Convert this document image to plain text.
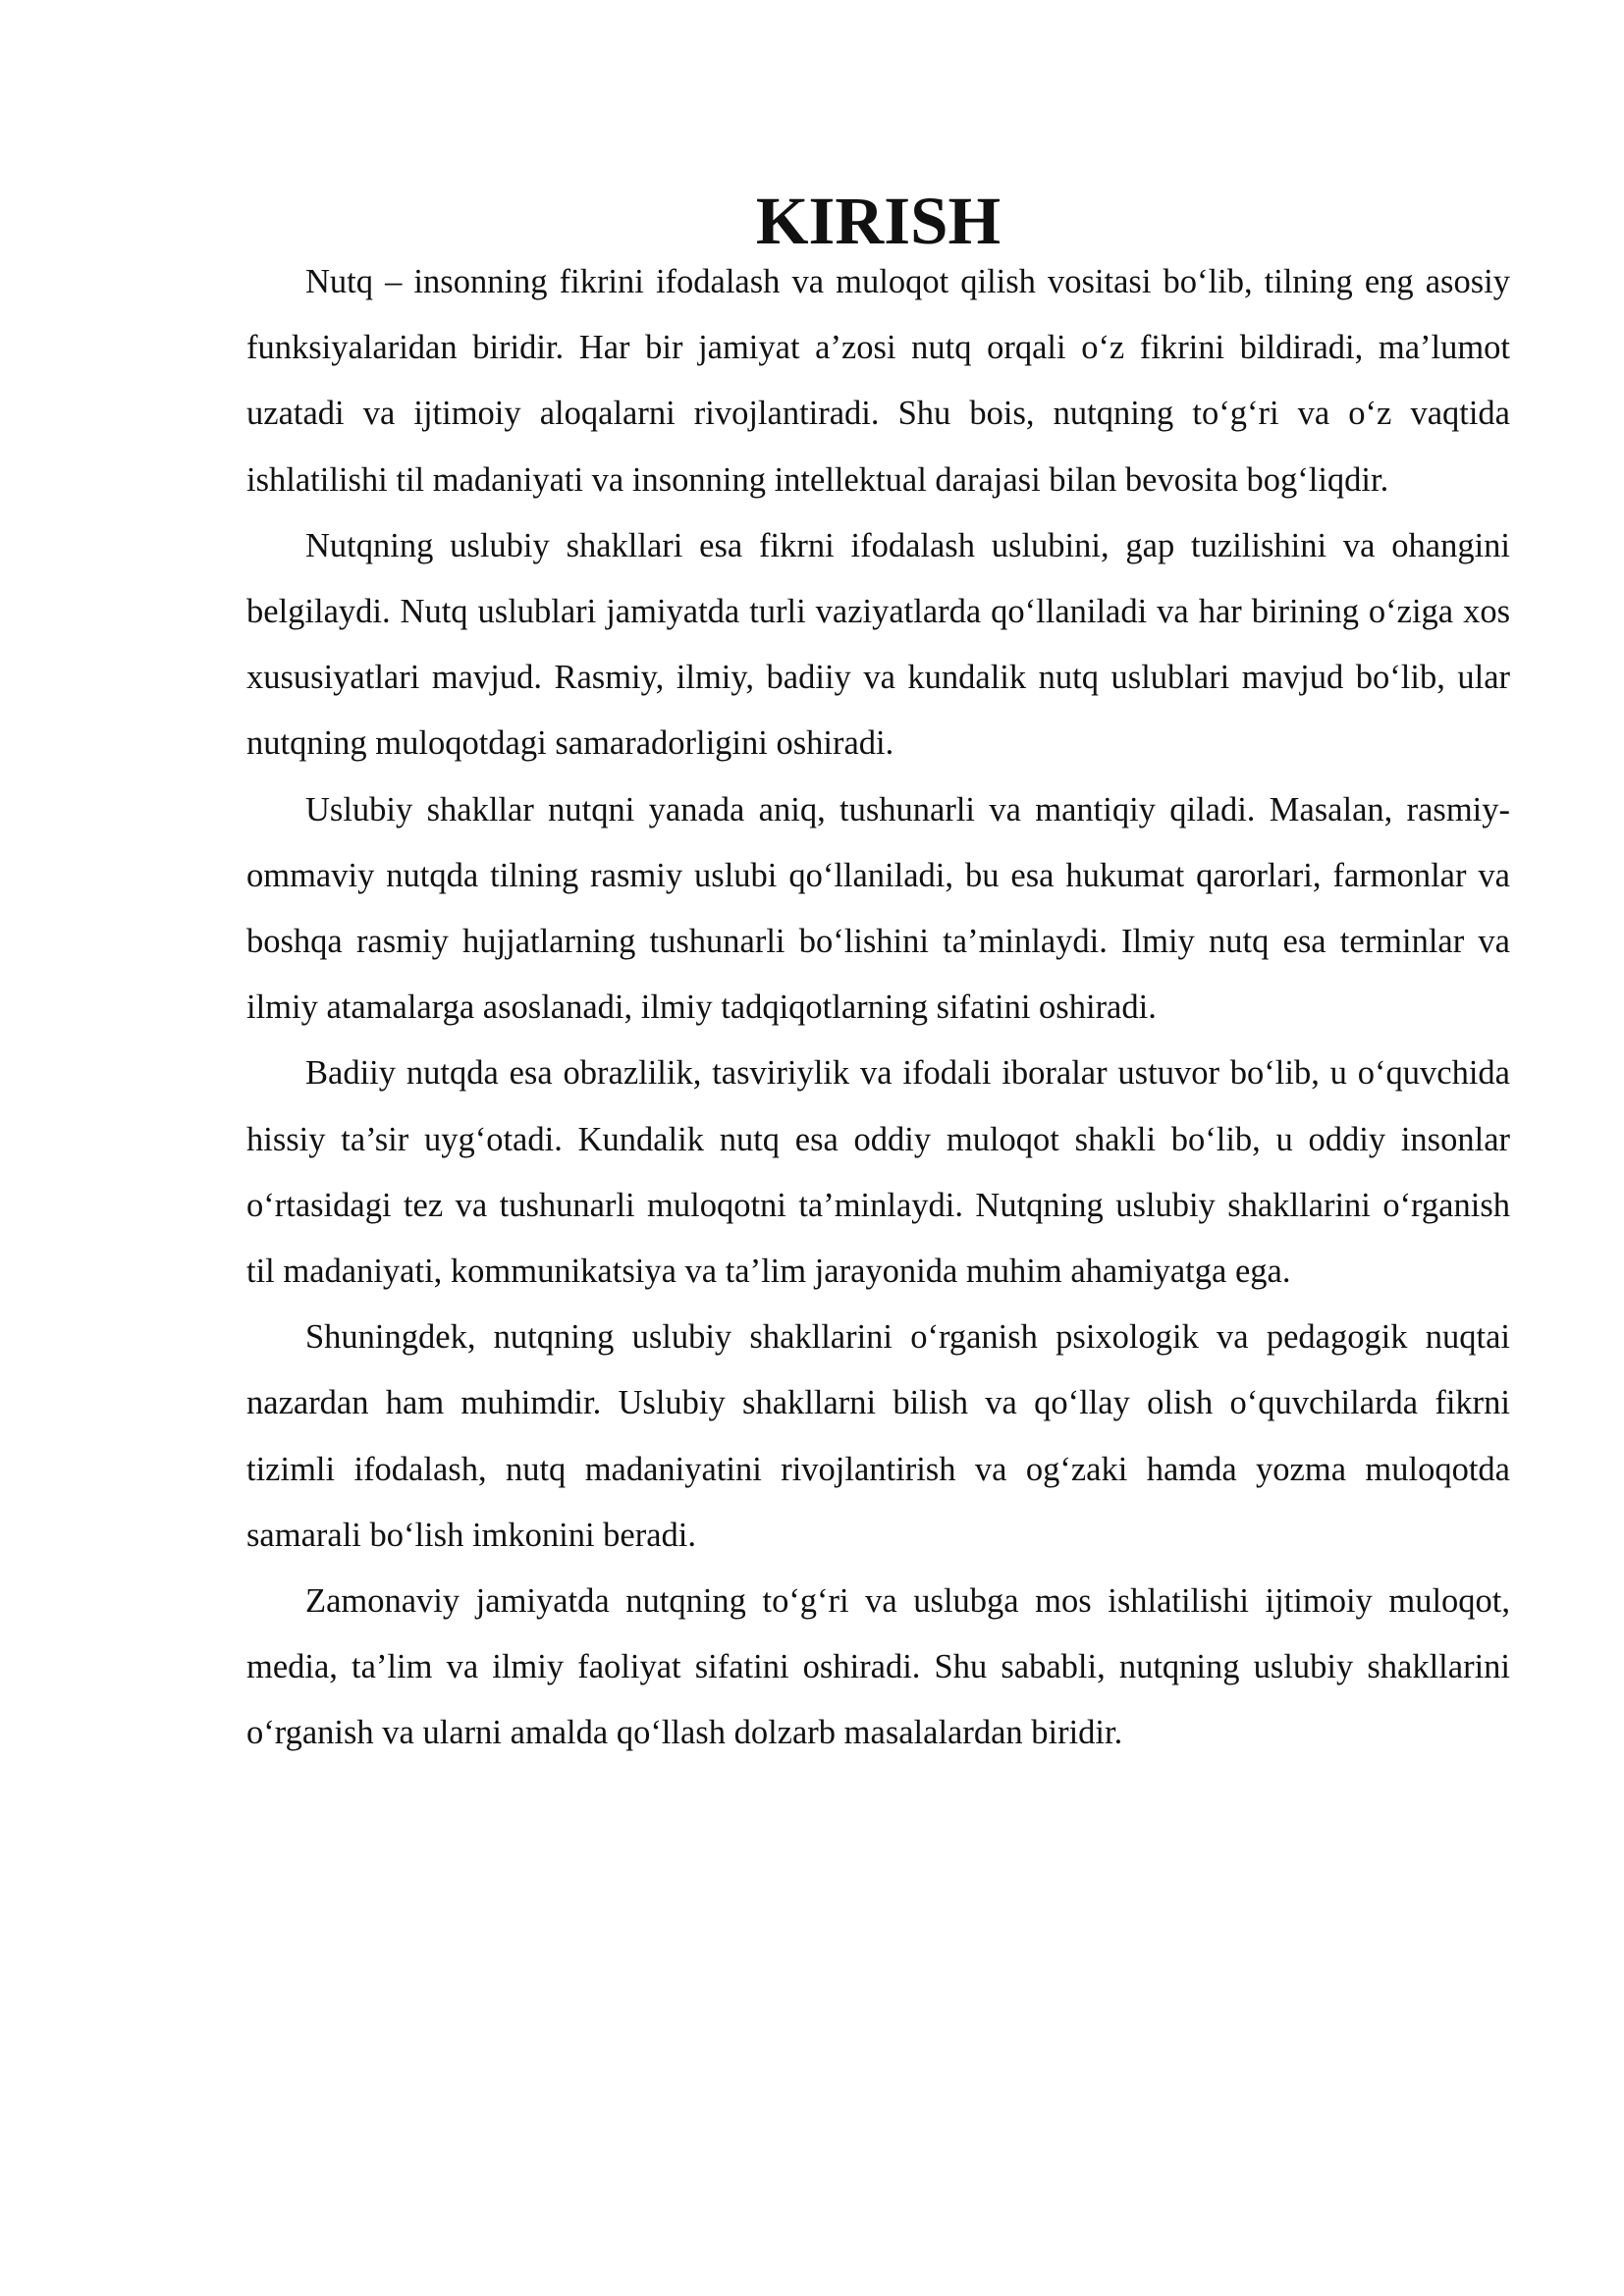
KIRISH

Nutq – insonning fikrini ifodalash va muloqot qilish vositasi bo‘lib, tilning eng asosiy funksiyalaridan biridir. Har bir jamiyat a’zosi nutq orqali o‘z fikrini bildiradi, ma’lumot uzatadi va ijtimoiy aloqalarni rivojlantiradi. Shu bois, nutqning to‘g‘ri va o‘z vaqtida ishlatilishi til madaniyati va insonning intellektual darajasi bilan bevosita bog‘liqdir.

Nutqning uslubiy shakllari esa fikrni ifodalash uslubini, gap tuzilishini va ohangini belgilaydi. Nutq uslublari jamiyatda turli vaziyatlarda qo‘llaniladi va har birining o‘ziga xos xususiyatlari mavjud. Rasmiy, ilmiy, badiiy va kundalik nutq uslublari mavjud bo‘lib, ular nutqning muloqotdagi samaradorligini oshiradi.

Uslubiy shakllar nutqni yanada aniq, tushunarli va mantiqiy qiladi. Masalan, rasmiy-ommaviy nutqda tilning rasmiy uslubi qo‘llaniladi, bu esa hukumat qarorlari, farmonlar va boshqa rasmiy hujjatlarning tushunarli bo‘lishini ta’minlaydi. Ilmiy nutq esa terminlar va ilmiy atamalarga asoslanadi, ilmiy tadqiqotlarning sifatini oshiradi.

Badiiy nutqda esa obrazlilik, tasviriylik va ifodali iboralar ustuvor bo‘lib, u o‘quvchida hissiy ta’sir uyg‘otadi. Kundalik nutq esa oddiy muloqot shakli bo‘lib, u oddiy insonlar o‘rtasidagi tez va tushunarli muloqotni ta’minlaydi. Nutqning uslubiy shakllarini o‘rganish til madaniyati, kommunikatsiya va ta’lim jarayonida muhim ahamiyatga ega.

Shuningdek, nutqning uslubiy shakllarini o‘rganish psixologik va pedagogik nuqtai nazardan ham muhimdir. Uslubiy shakllarni bilish va qo‘llay olish o‘quvchilarda fikrni tizimli ifodalash, nutq madaniyatini rivojlantirish va og‘zaki hamda yozma muloqotda samarali bo‘lish imkonini beradi.

Zamonaviy jamiyatda nutqning to‘g‘ri va uslubga mos ishlatilishi ijtimoiy muloqot, media, ta’lim va ilmiy faoliyat sifatini oshiradi. Shu sababli, nutqning uslubiy shakllarini o‘rganish va ularni amalda qo‘llash dolzarb masalalardan biridir.
